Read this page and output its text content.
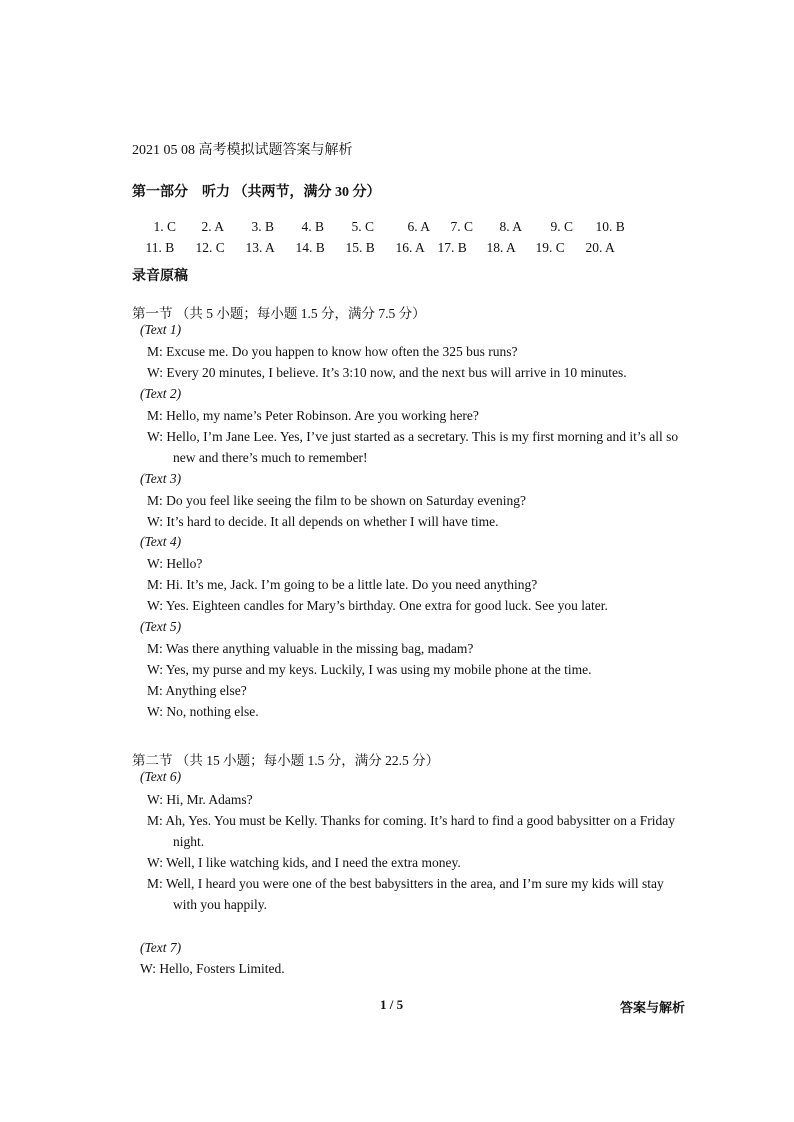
2021 05 08 高考模拟试题答案与解析
第一部分　听力 （共两节，满分 30 分）

1. C 2. A 3. B 4. B 5. C 6. A 7. C 8. A 9. C 10. B

11. B 12. C 13. A 14. B 15. B 16. A 17. B 18. A 19. C 20. A

录音原稿
第一节 （共 5 小题；每小题 1.5 分，满分 7.5 分）
(Text 1)
M: Excuse me. Do you happen to know how often the 325 bus runs?
W: Every 20 minutes, I believe. It’s 3:10 now, and the next bus will arrive in 10 minutes.
(Text 2)
M: Hello, my name’s Peter Robinson. Are you working here?
W: Hello, I’m Jane Lee. Yes, I’ve just started as a secretary. This is my first morning and it’s all so
new and there’s much to remember!
(Text 3)
M: Do you feel like seeing the film to be shown on Saturday evening?
W: It’s hard to decide. It all depends on whether I will have time.
(Text 4)
W: Hello?
M: Hi. It’s me, Jack. I’m going to be a little late. Do you need anything?
W: Yes. Eighteen candles for Mary’s birthday. One extra for good luck. See you later.
(Text 5)
M: Was there anything valuable in the missing bag, madam?
W: Yes, my purse and my keys. Luckily, I was using my mobile phone at the time.
M: Anything else?
W: No, nothing else.
第二节 （共 15 小题；每小题 1.5 分，满分 22.5 分）
(Text 6)
W: Hi, Mr. Adams?
M: Ah, Yes. You must be Kelly. Thanks for coming. It’s hard to find a good babysitter on a Friday
night.
W: Well, I like watching kids, and I need the extra money.
M: Well, I heard you were one of the best babysitters in the area, and I’m sure my kids will stay
with you happily.
(Text 7)
W: Hello, Fosters Limited.
1 / 5	答案与解析
